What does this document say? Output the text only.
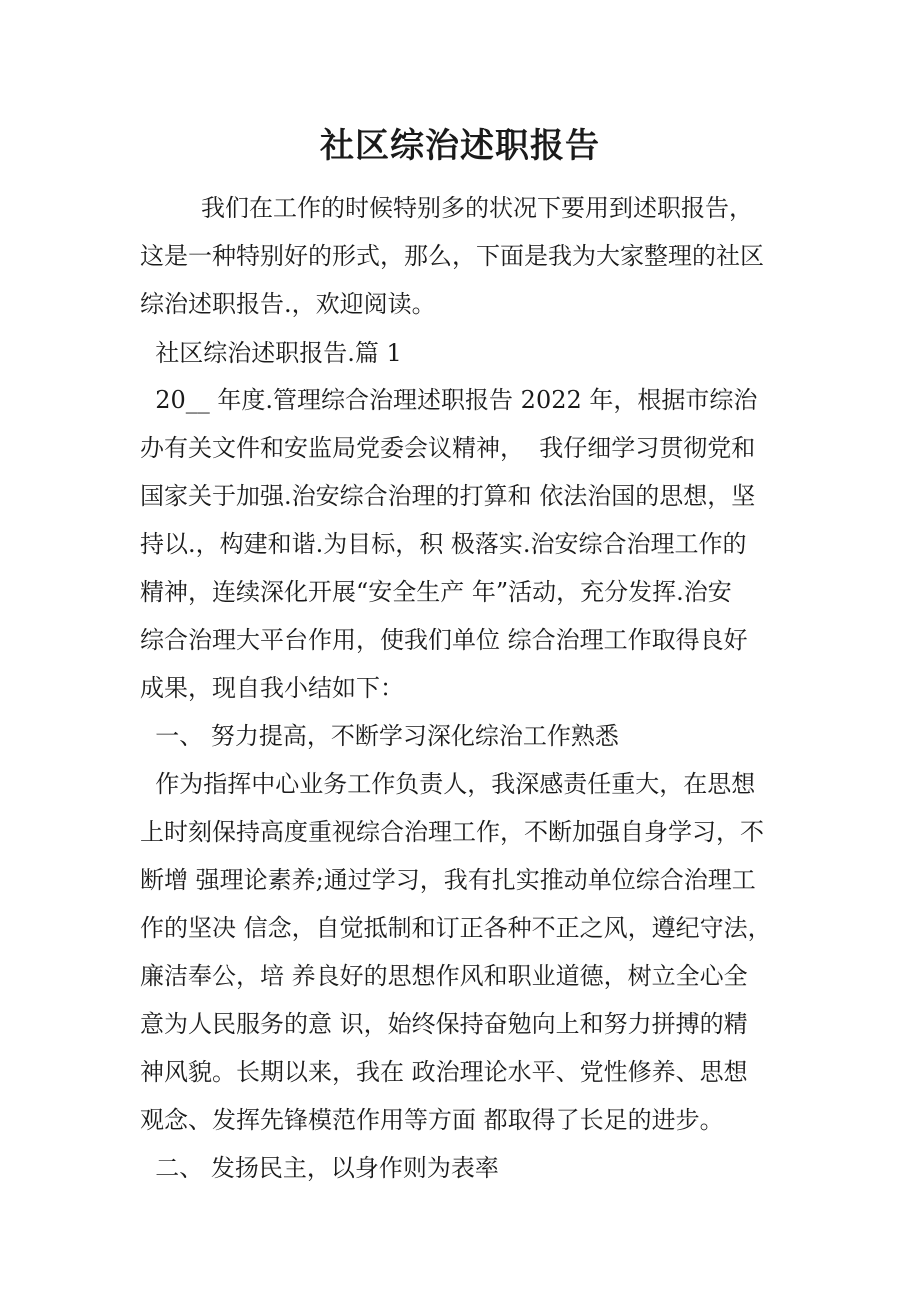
社区综治述职报告

我们在工作的时候特别多的状况下要用到述职报告，

这是一种特别好的形式，那么，下面是我为大家整理的社区

综治述职报告.，欢迎阅读。

社区综治述职报告.篇 1

20__ 年度.管理综合治理述职报告 2022 年，根据市综治

办有关文件和安监局党委会议精神，  我仔细学习贯彻党和

国家关于加强.治安综合治理的打算和 依法治国的思想，坚

持以.，构建和谐.为目标，积 极落实.治安综合治理工作的

精神，连续深化开展“安全生产 年”活动，充分发挥.治安

综合治理大平台作用，使我们单位 综合治理工作取得良好

成果，现自我小结如下：

一、 努力提高，不断学习深化综治工作熟悉

作为指挥中心业务工作负责人，我深感责任重大，在思想

上时刻保持高度重视综合治理工作，不断加强自身学习，不

断增 强理论素养;通过学习，我有扎实推动单位综合治理工

作的坚决 信念，自觉抵制和订正各种不正之风，遵纪守法，

廉洁奉公，培 养良好的思想作风和职业道德，树立全心全

意为人民服务的意 识，始终保持奋勉向上和努力拼搏的精

神风貌。长期以来，我在 政治理论水平、党性修养、思想

观念、发挥先锋模范作用等方面 都取得了长足的进步。

二、 发扬民主，以身作则为表率
